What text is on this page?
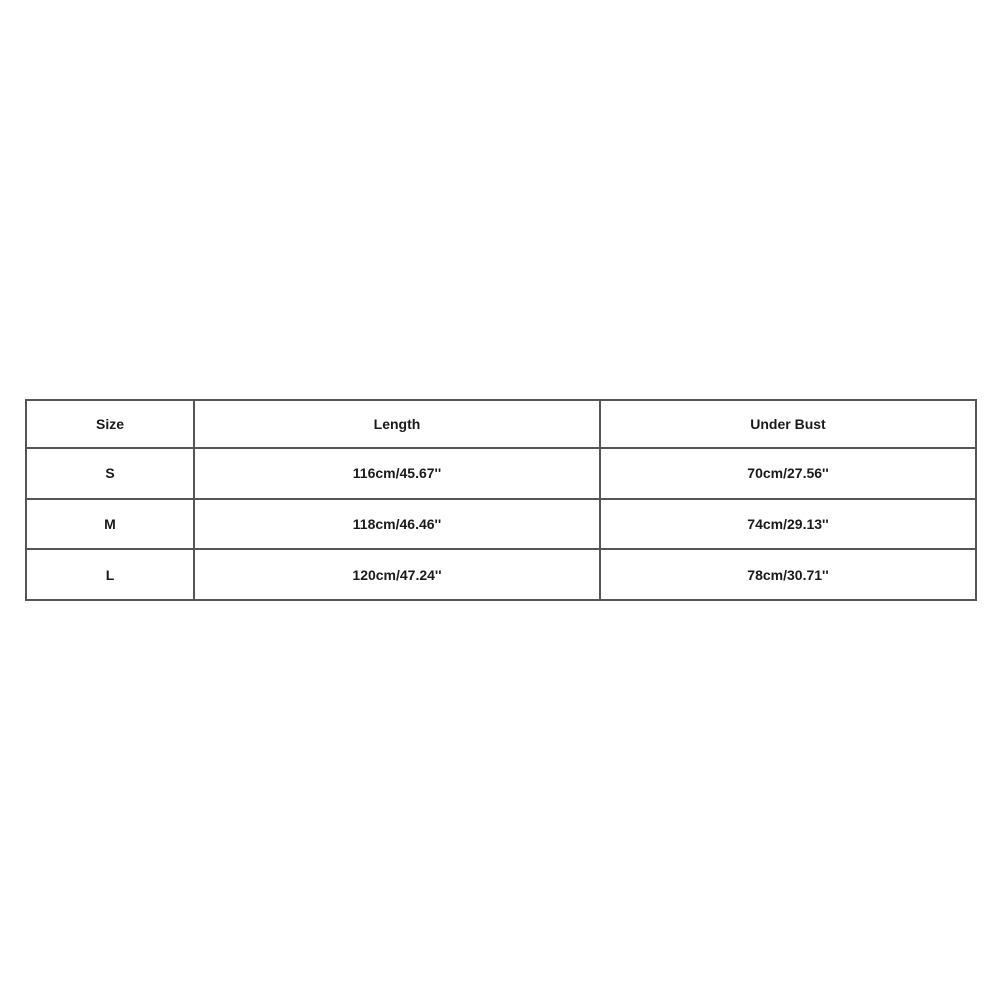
Size	Length	Under Bust
S	116cm/45.67''	70cm/27.56''
M	118cm/46.46''	74cm/29.13''
L	120cm/47.24''	78cm/30.71''
